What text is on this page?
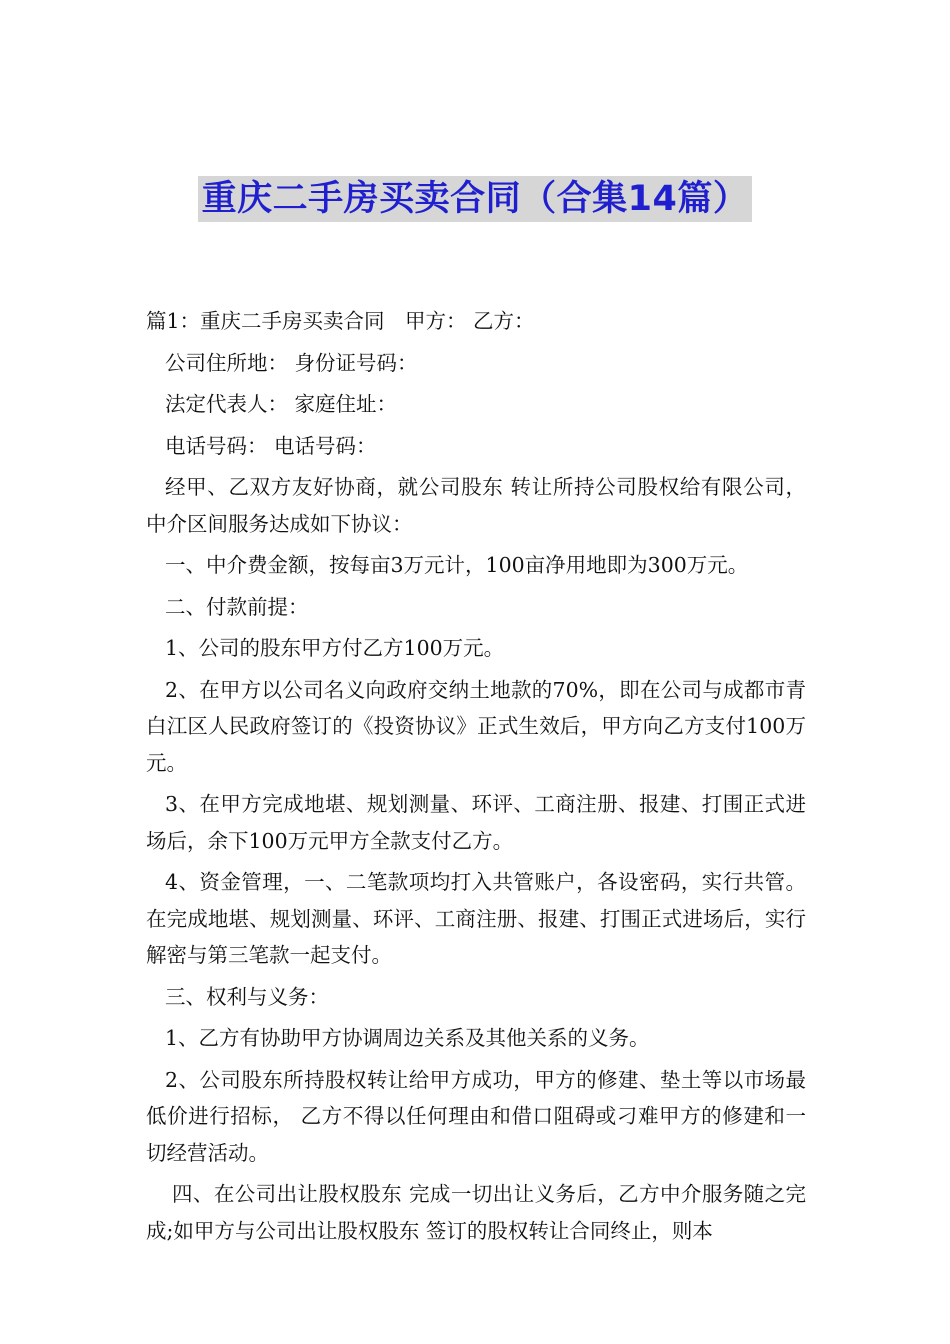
重庆二手房买卖合同（合集14篇）

篇1：重庆二手房买卖合同　甲方： 乙方：

公司住所地： 身份证号码：

法定代表人： 家庭住址：

电话号码： 电话号码：

经甲、乙双方友好协商，就公司股东 转让所持公司股权给有限公司，中介区间服务达成如下协议：

一、中介费金额，按每亩3万元计，100亩净用地即为300万元。

二、付款前提：

1、公司的股东甲方付乙方100万元。

2、在甲方以公司名义向政府交纳土地款的70%，即在公司与成都市青白江区人民政府签订的《投资协议》正式生效后，甲方向乙方支付100万元。

3、在甲方完成地堪、规划测量、环评、工商注册、报建、打围正式进场后，余下100万元甲方全款支付乙方。

4、资金管理，一、二笔款项均打入共管账户，各设密码，实行共管。在完成地堪、规划测量、环评、工商注册、报建、打围正式进场后，实行解密与第三笔款一起支付。

三、权利与义务：

1、乙方有协助甲方协调周边关系及其他关系的义务。

2、公司股东所持股权转让给甲方成功，甲方的修建、垫土等以市场最低价进行招标， 乙方不得以任何理由和借口阻碍或刁难甲方的修建和一切经营活动。

四、在公司出让股权股东 完成一切出让义务后，乙方中介服务随之完成;如甲方与公司出让股权股东 签订的股权转让合同终止，则本
